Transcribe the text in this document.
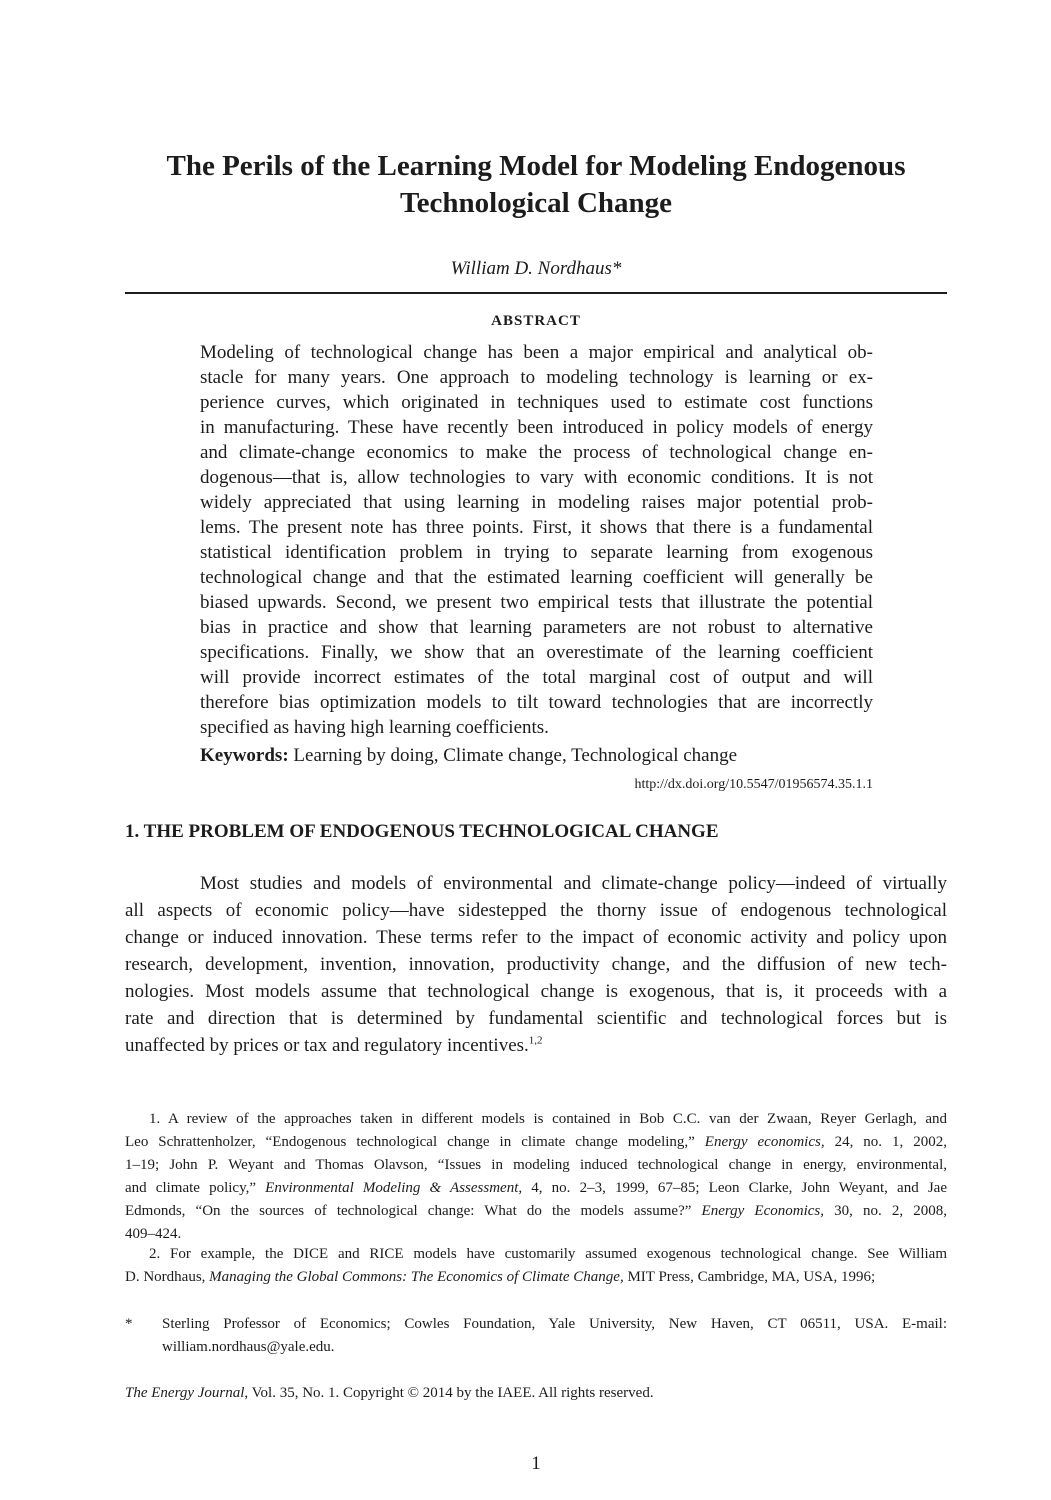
The Perils of the Learning Model for Modeling Endogenous
Technological Change
William D. Nordhaus*
ABSTRACT
Modeling of technological change has been a major empirical and analytical ob-
stacle for many years. One approach to modeling technology is learning or ex-
perience curves, which originated in techniques used to estimate cost functions
in manufacturing. These have recently been introduced in policy models of energy
and climate-change economics to make the process of technological change en-
dogenous—that is, allow technologies to vary with economic conditions. It is not
widely appreciated that using learning in modeling raises major potential prob-
lems. The present note has three points. First, it shows that there is a fundamental
statistical identification problem in trying to separate learning from exogenous
technological change and that the estimated learning coefficient will generally be
biased upwards. Second, we present two empirical tests that illustrate the potential
bias in practice and show that learning parameters are not robust to alternative
specifications. Finally, we show that an overestimate of the learning coefficient
will provide incorrect estimates of the total marginal cost of output and will
therefore bias optimization models to tilt toward technologies that are incorrectly
specified as having high learning coefficients.
Keywords: Learning by doing, Climate change, Technological change
http://dx.doi.org/10.5547/01956574.35.1.1
1. THE PROBLEM OF ENDOGENOUS TECHNOLOGICAL CHANGE
Most studies and models of environmental and climate-change policy—indeed of virtually
all aspects of economic policy—have sidestepped the thorny issue of endogenous technological
change or induced innovation. These terms refer to the impact of economic activity and policy upon
research, development, invention, innovation, productivity change, and the diffusion of new tech-
nologies. Most models assume that technological change is exogenous, that is, it proceeds with a
rate and direction that is determined by fundamental scientific and technological forces but is
unaffected by prices or tax and regulatory incentives.$^{1,2}$
1. A review of the approaches taken in different models is contained in Bob C.C. van der Zwaan, Reyer Gerlagh, and
Leo Schrattenholzer, “Endogenous technological change in climate change modeling,” Energy economics, 24, no. 1, 2002,
1–19; John P. Weyant and Thomas Olavson, “Issues in modeling induced technological change in energy, environmental,
and climate policy,” Environmental Modeling & Assessment, 4, no. 2–3, 1999, 67–85; Leon Clarke, John Weyant, and Jae
Edmonds, “On the sources of technological change: What do the models assume?” Energy Economics, 30, no. 2, 2008,
409–424.
2. For example, the DICE and RICE models have customarily assumed exogenous technological change. See William
D. Nordhaus, Managing the Global Commons: The Economics of Climate Change, MIT Press, Cambridge, MA, USA, 1996;
* Sterling Professor of Economics; Cowles Foundation, Yale University, New Haven, CT 06511, USA. E-mail:
william.nordhaus@yale.edu.
The Energy Journal, Vol. 35, No. 1. Copyright © 2014 by the IAEE. All rights reserved.
1
